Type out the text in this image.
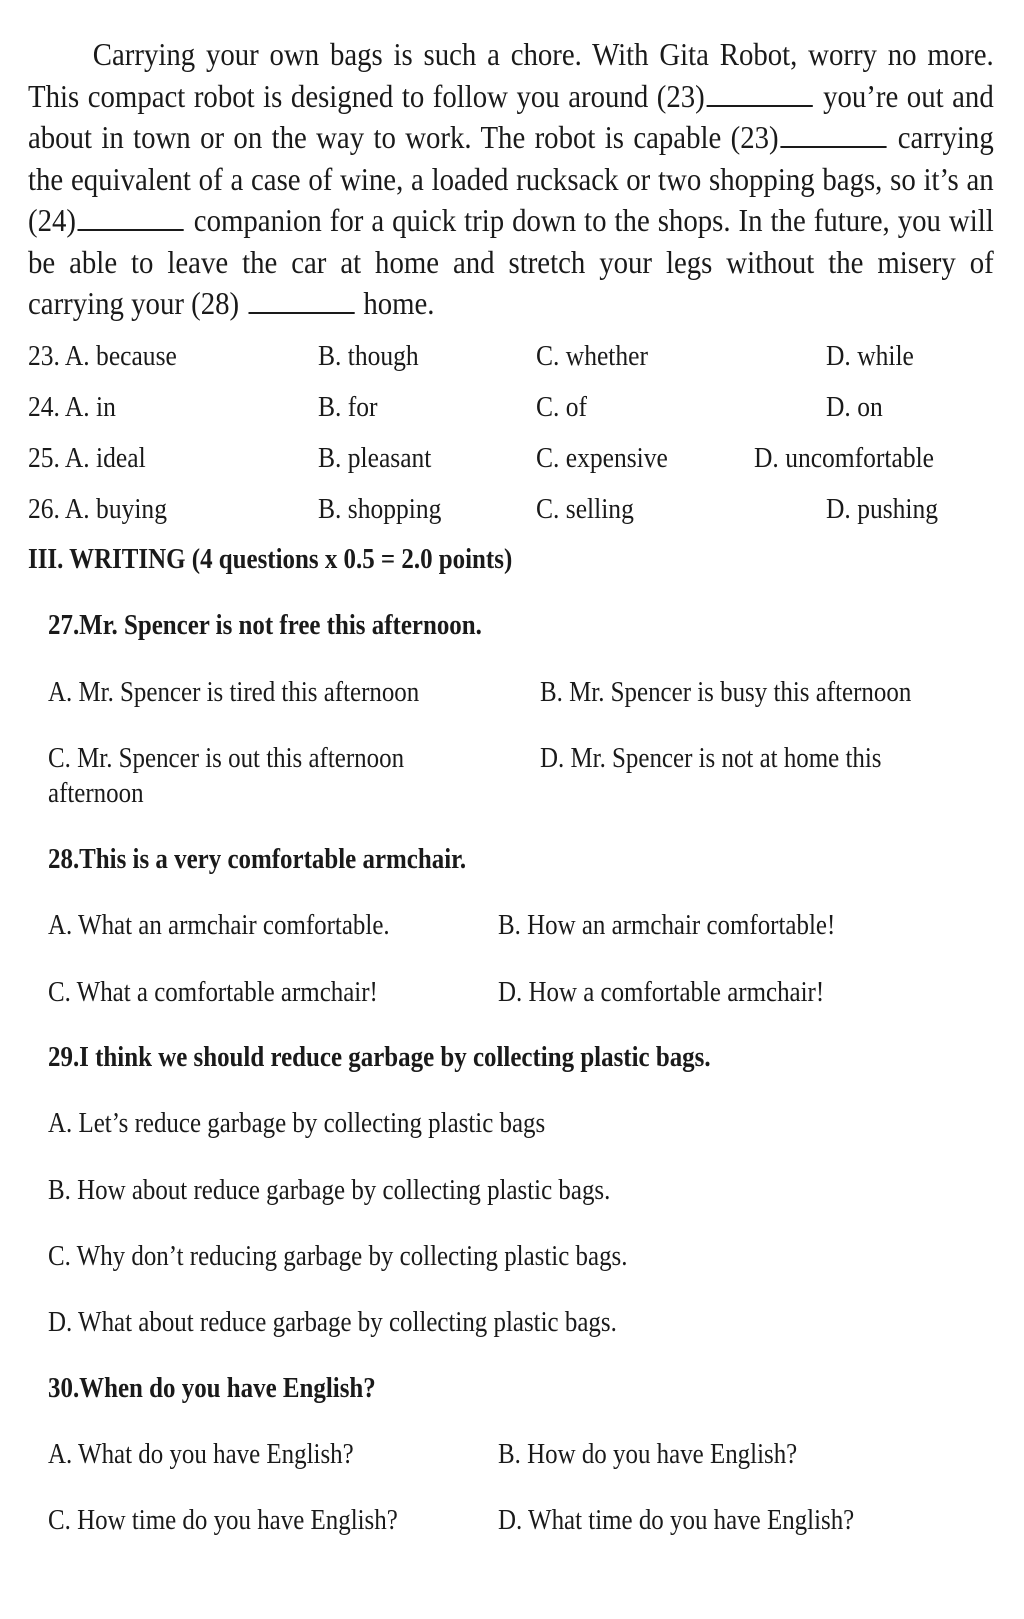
Carrying your own bags is such a chore. With Gita Robot, worry no more. This compact robot is designed to follow you around (23)	you’re out and about in town or on the way to work. The robot is capable (23)	carrying the equivalent of a case of wine, a loaded rucksack or two shopping bags, so it’s an (24)	companion for a quick trip down to the shops. In the future, you will be able to leave the car at home and stretch your legs without the misery of carrying your (28)	home.
23. A. because	B. though	C. whether	D. while
24. A. in	B. for	C. of	D. on
25. A. ideal	B. pleasant	C. expensive	D. uncomfortable
26. A. buying	B. shopping	C. selling	D. pushing
III. WRITING (4 questions x 0.5 = 2.0 points)
27.Mr. Spencer is not free this afternoon.
A. Mr. Spencer is tired this afternoon	B. Mr. Spencer is busy this afternoon
C. Mr. Spencer is out this afternoon	D. Mr. Spencer is not at home this
afternoon
28.This is a very comfortable armchair.
A. What an armchair comfortable.	B. How an armchair comfortable!
C. What a comfortable armchair!	D. How a comfortable armchair!
29.I think we should reduce garbage by collecting plastic bags.
A. Let’s reduce garbage by collecting plastic bags
B. How about reduce garbage by collecting plastic bags.
C. Why don’t reducing garbage by collecting plastic bags.
D. What about reduce garbage by collecting plastic bags.
30.When do you have English?
A. What do you have English?	B. How do you have English?
C. How time do you have English?	D. What time do you have English?
